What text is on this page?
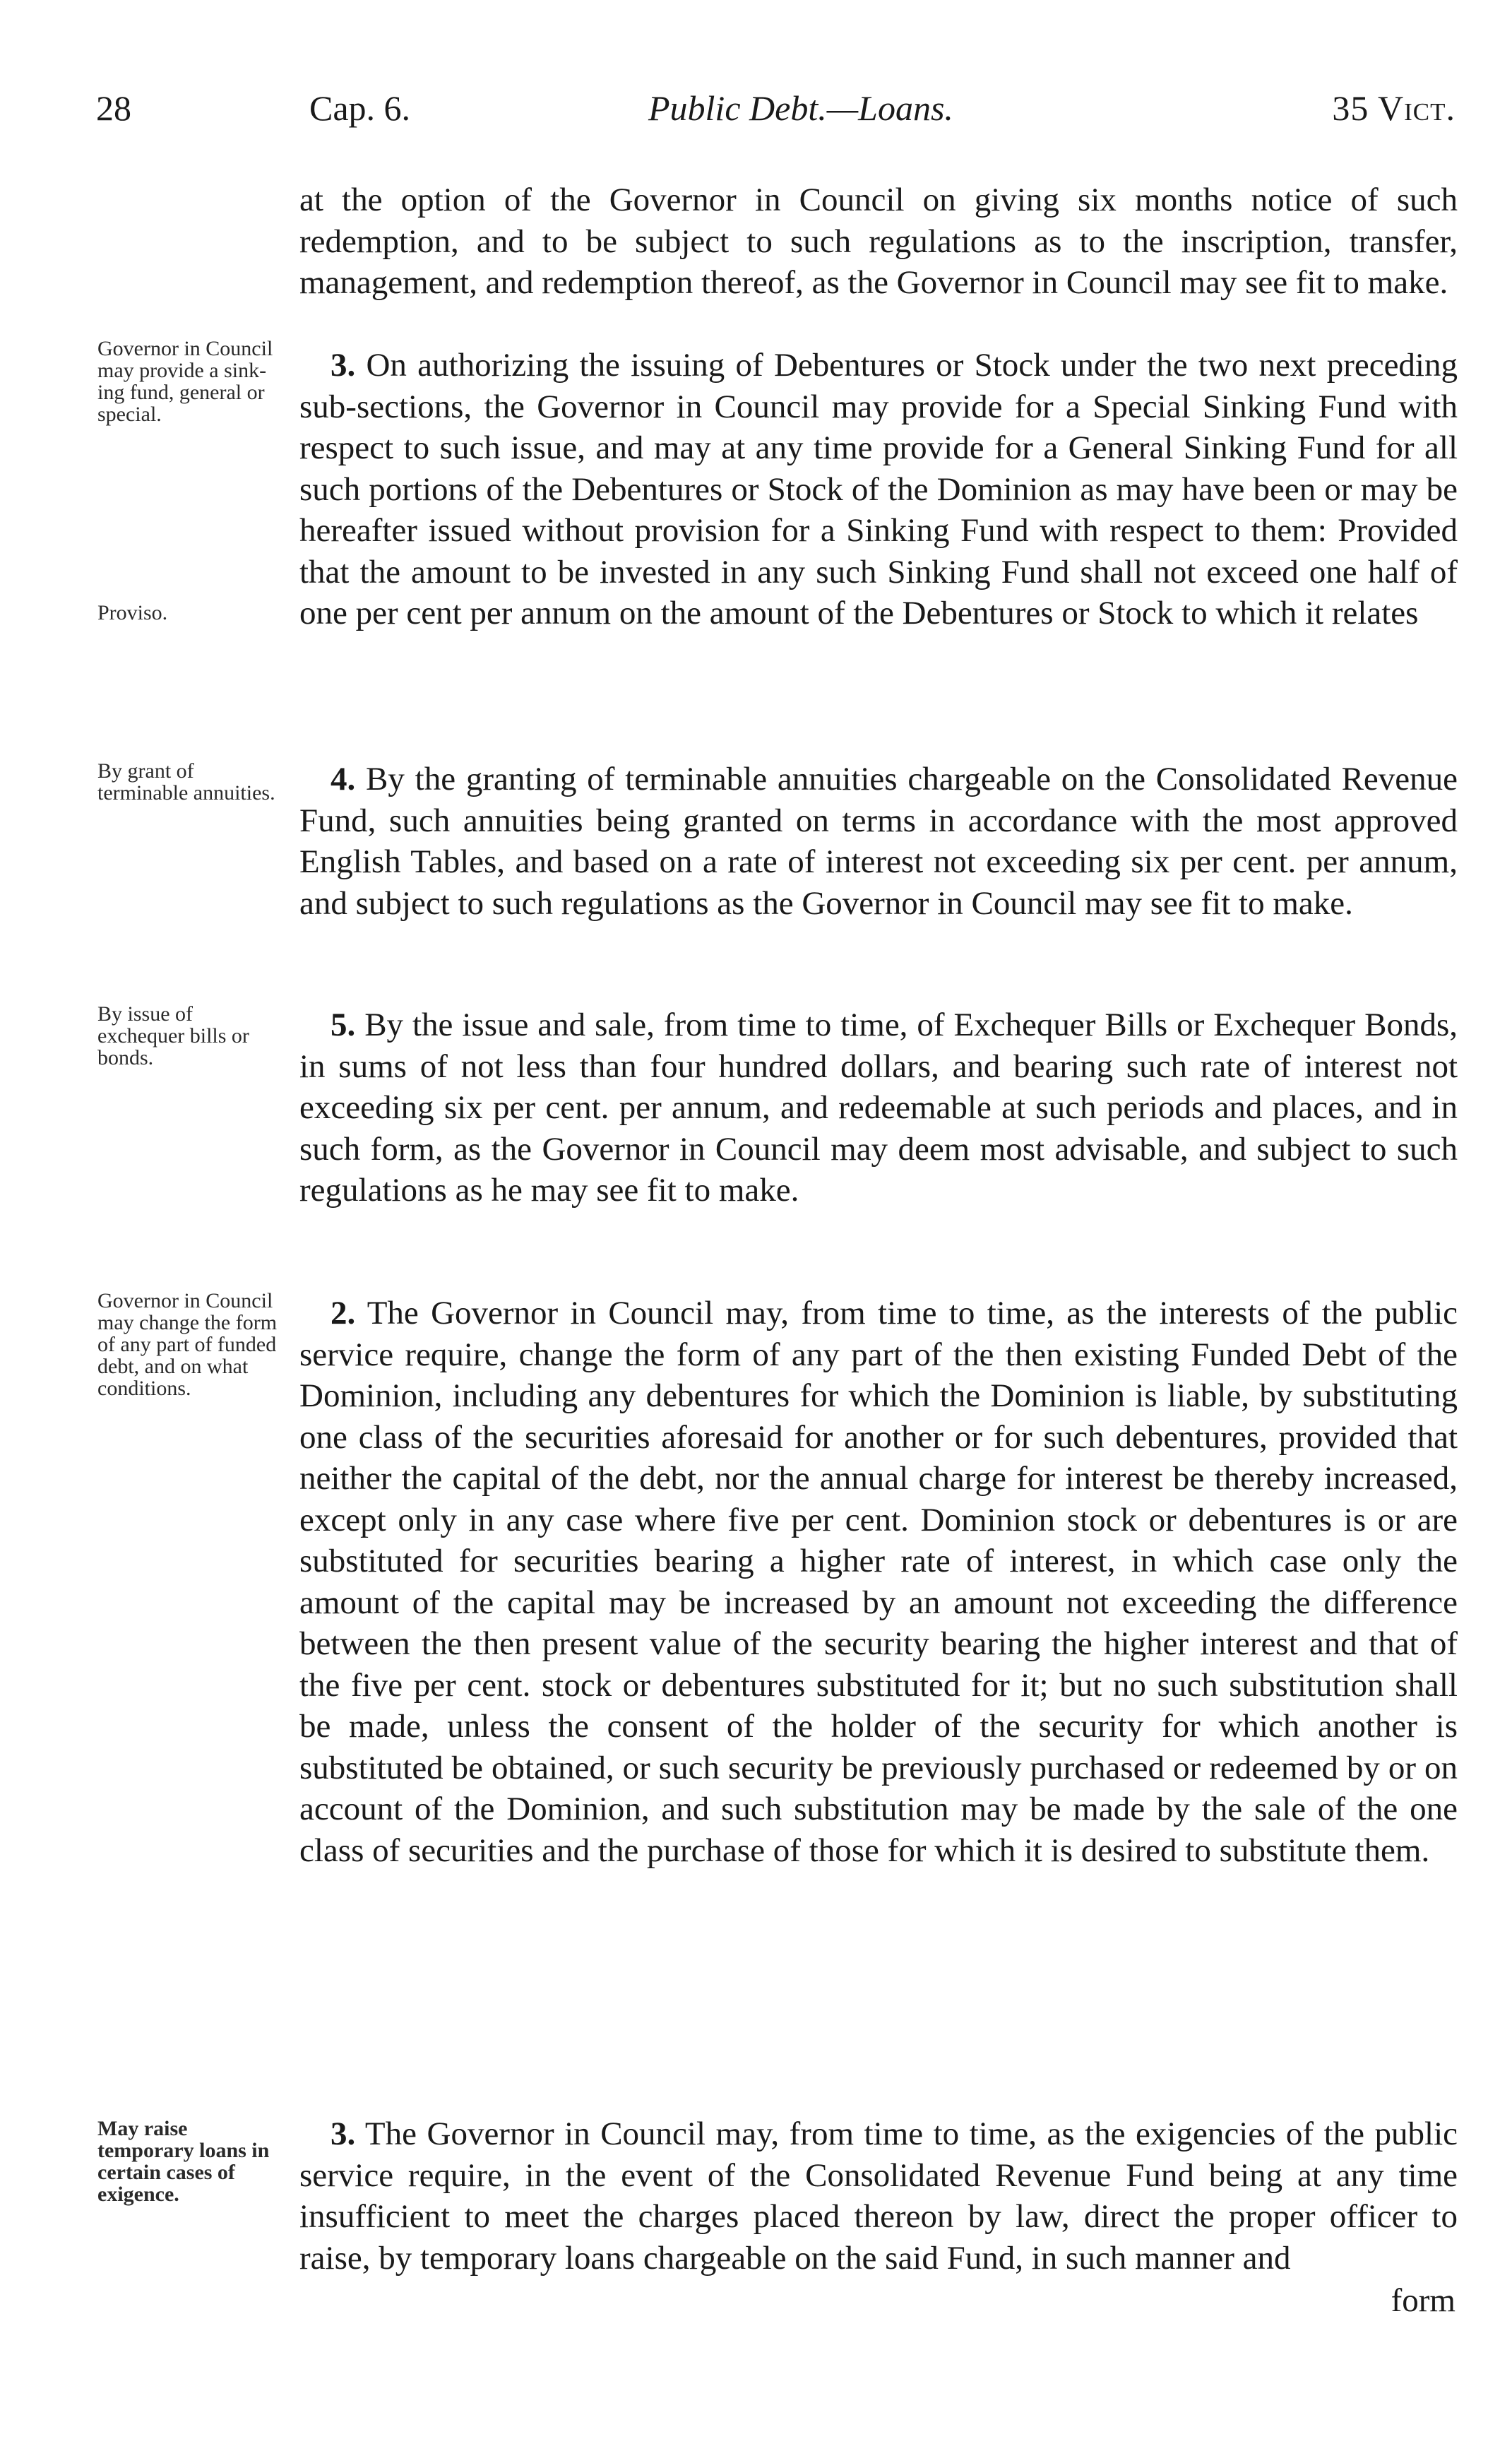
28	Cap. 6.	Public Debt.—Loans.	35 Vict.

at the option of the Governor in Council on giving six months notice of such redemption, and to be subject to such regulations as to the inscription, transfer, management, and redemption thereof, as the Governor in Council may see fit to make.

3. On authorizing the issuing of Debentures or Stock under the two next preceding sub-sections, the Governor in Council may provide for a Special Sinking Fund with respect to such issue, and may at any time provide for a General Sinking Fund for all such portions of the Debentures or Stock of the Dominion as may have been or may be hereafter issued without provision for a Sinking Fund with respect to them: Provided that the amount to be invested in any such Sinking Fund shall not exceed one half of one per cent per annum on the amount of the Debentures or Stock to which it relates

4. By the granting of terminable annuities chargeable on the Consolidated Revenue Fund, such annuities being granted on terms in accordance with the most approved English Tables, and based on a rate of interest not exceeding six per cent. per annum, and subject to such regulations as the Governor in Council may see fit to make.

5. By the issue and sale, from time to time, of Exchequer Bills or Exchequer Bonds, in sums of not less than four hundred dollars, and bearing such rate of interest not exceeding six per cent. per annum, and redeemable at such periods and places, and in such form, as the Governor in Council may deem most advisable, and subject to such regulations as he may see fit to make.

2. The Governor in Council may, from time to time, as the interests of the public service require, change the form of any part of the then existing Funded Debt of the Dominion, including any debentures for which the Dominion is liable, by substituting one class of the securities aforesaid for another or for such debentures, provided that neither the capital of the debt, nor the annual charge for interest be thereby increased, except only in any case where five per cent. Dominion stock or debentures is or are substituted for securities bearing a higher rate of interest, in which case only the amount of the capital may be increased by an amount not exceeding the difference between the then present value of the security bearing the higher interest and that of the five per cent. stock or debentures substituted for it; but no such substitution shall be made, unless the consent of the holder of the security for which another is substituted be obtained, or such security be previously purchased or redeemed by or on account of the Dominion, and such substitution may be made by the sale of the one class of securities and the purchase of those for which it is desired to substitute them.

3. The Governor in Council may, from time to time, as the exigencies of the public service require, in the event of the Consolidated Revenue Fund being at any time insufficient to meet the charges placed thereon by law, direct the proper officer to raise, by temporary loans chargeable on the said Fund, in such manner and

form

Governor in Council may provide a sinking fund, general or special.

Proviso.

By grant of terminable annuities.

By issue of exchequer bills or bonds.

Governor in Council may change the form of any part of funded debt, and on what conditions.

May raise temporary loans in certain cases of exigence.
